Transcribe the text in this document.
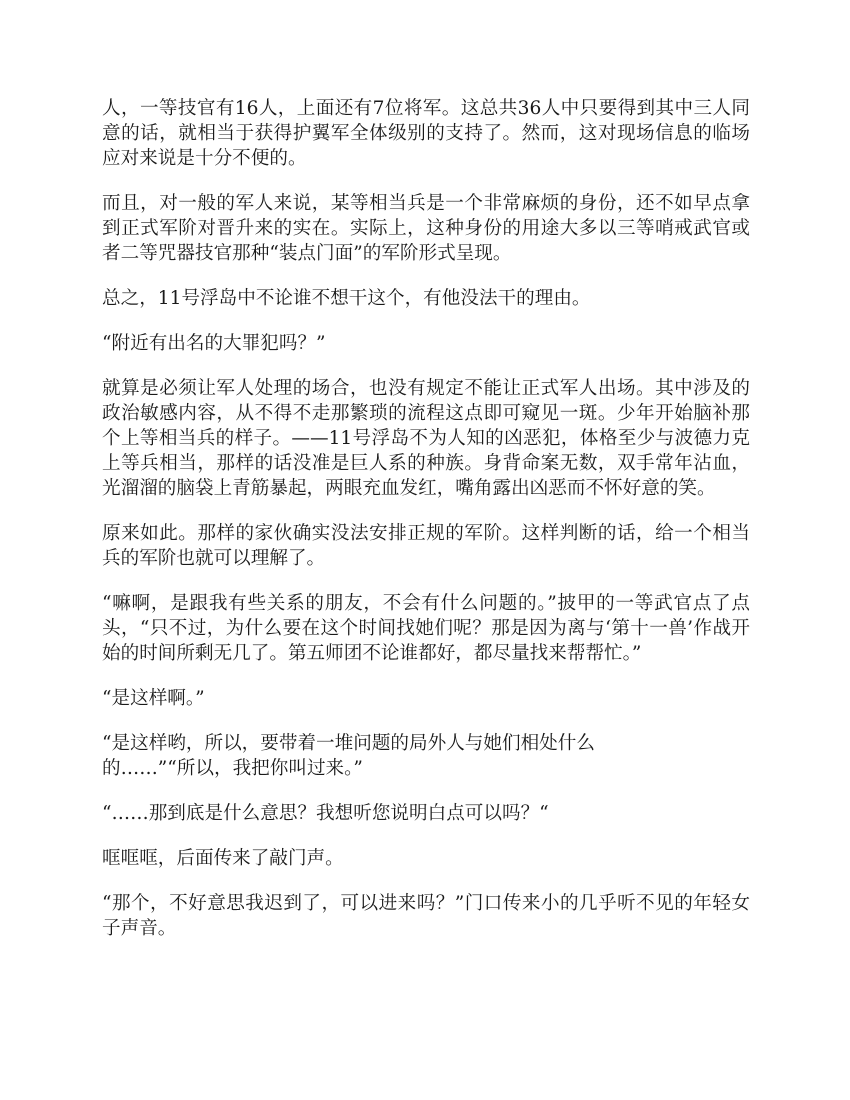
人，一等技官有16人，上面还有7位将军。这总共36人中只要得到其中三人同意的话，就相当于获得护翼军全体级别的支持了。然而，这对现场信息的临场应对来说是十分不便的。

而且，对一般的军人来说，某等相当兵是一个非常麻烦的身份，还不如早点拿到正式军阶对晋升来的实在。实际上，这种身份的用途大多以三等哨戒武官或者二等咒器技官那种“装点门面”的军阶形式呈现。

总之，11号浮岛中不论谁不想干这个，有他没法干的理由。

“附近有出名的大罪犯吗？”

就算是必须让军人处理的场合，也没有规定不能让正式军人出场。其中涉及的政治敏感内容，从不得不走那繁琐的流程这点即可窥见一斑。少年开始脑补那个上等相当兵的样子。——11号浮岛不为人知的凶恶犯，体格至少与波德力克上等兵相当，那样的话没准是巨人系的种族。身背命案无数，双手常年沾血，光溜溜的脑袋上青筋暴起，两眼充血发红，嘴角露出凶恶而不怀好意的笑。

原来如此。那样的家伙确实没法安排正规的军阶。这样判断的话，给一个相当兵的军阶也就可以理解了。

“嘛啊，是跟我有些关系的朋友，不会有什么问题的。”披甲的一等武官点了点头，“只不过，为什么要在这个时间找她们呢？那是因为离与‘第十一兽’作战开始的时间所剩无几了。第五师团不论谁都好，都尽量找来帮帮忙。”

“是这样啊。”

“是这样哟，所以，要带着一堆问题的局外人与她们相处什么
的……”“所以，我把你叫过来。”

“……那到底是什么意思？我想听您说明白点可以吗？“

哐哐哐，后面传来了敲门声。

“那个，不好意思我迟到了，可以进来吗？”门口传来小的几乎听不见的年轻女子声音。
